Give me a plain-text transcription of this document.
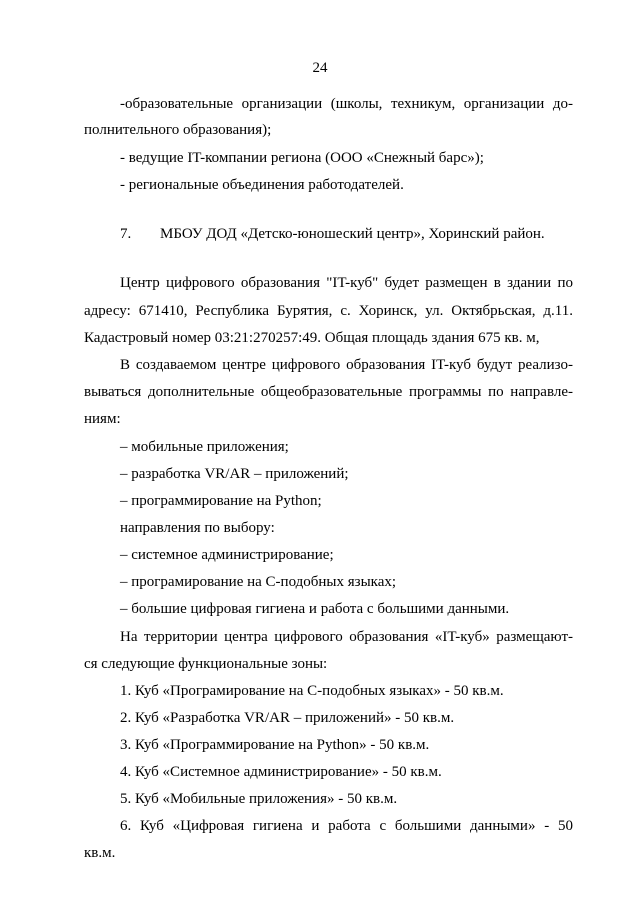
24
-образовательные организации (школы, техникум, организации до-
полнительного образования);
- ведущие IT-компании региона (ООО «Снежный барс»);
- региональные объединения работодателей.
7. МБОУ ДОД «Детско-юношеский центр», Хоринский район.
Центр цифрового образования "IT-куб" будет размещен в здании по
адресу: 671410, Республика Бурятия, с. Хоринск, ул. Октябрьская, д.11.
Кадастровый номер 03:21:270257:49. Общая площадь здания 675 кв. м,
В создаваемом центре цифрового образования IT-куб будут реализо-
вываться дополнительные общеобразовательные программы по направле-
ниям:
– мобильные приложения;
– разработка VR/AR – приложений;
– программирование на Python;
направления по выбору:
– системное администрирование;
– програмирование на С-подобных языках;
– большие цифровая гигиена и работа с большими данными.
На территории центра цифрового образования «IT-куб» размещают-
ся следующие функциональные зоны:
1. Куб «Програмирование на С-подобных языках» - 50 кв.м.
2. Куб «Разработка VR/AR – приложений» - 50 кв.м.
3. Куб «Программирование на Python» - 50 кв.м.
4. Куб «Системное администрирование» - 50 кв.м.
5. Куб «Мобильные приложения» - 50 кв.м.
6. Куб «Цифровая гигиена и работа с большими данными» - 50
кв.м.
